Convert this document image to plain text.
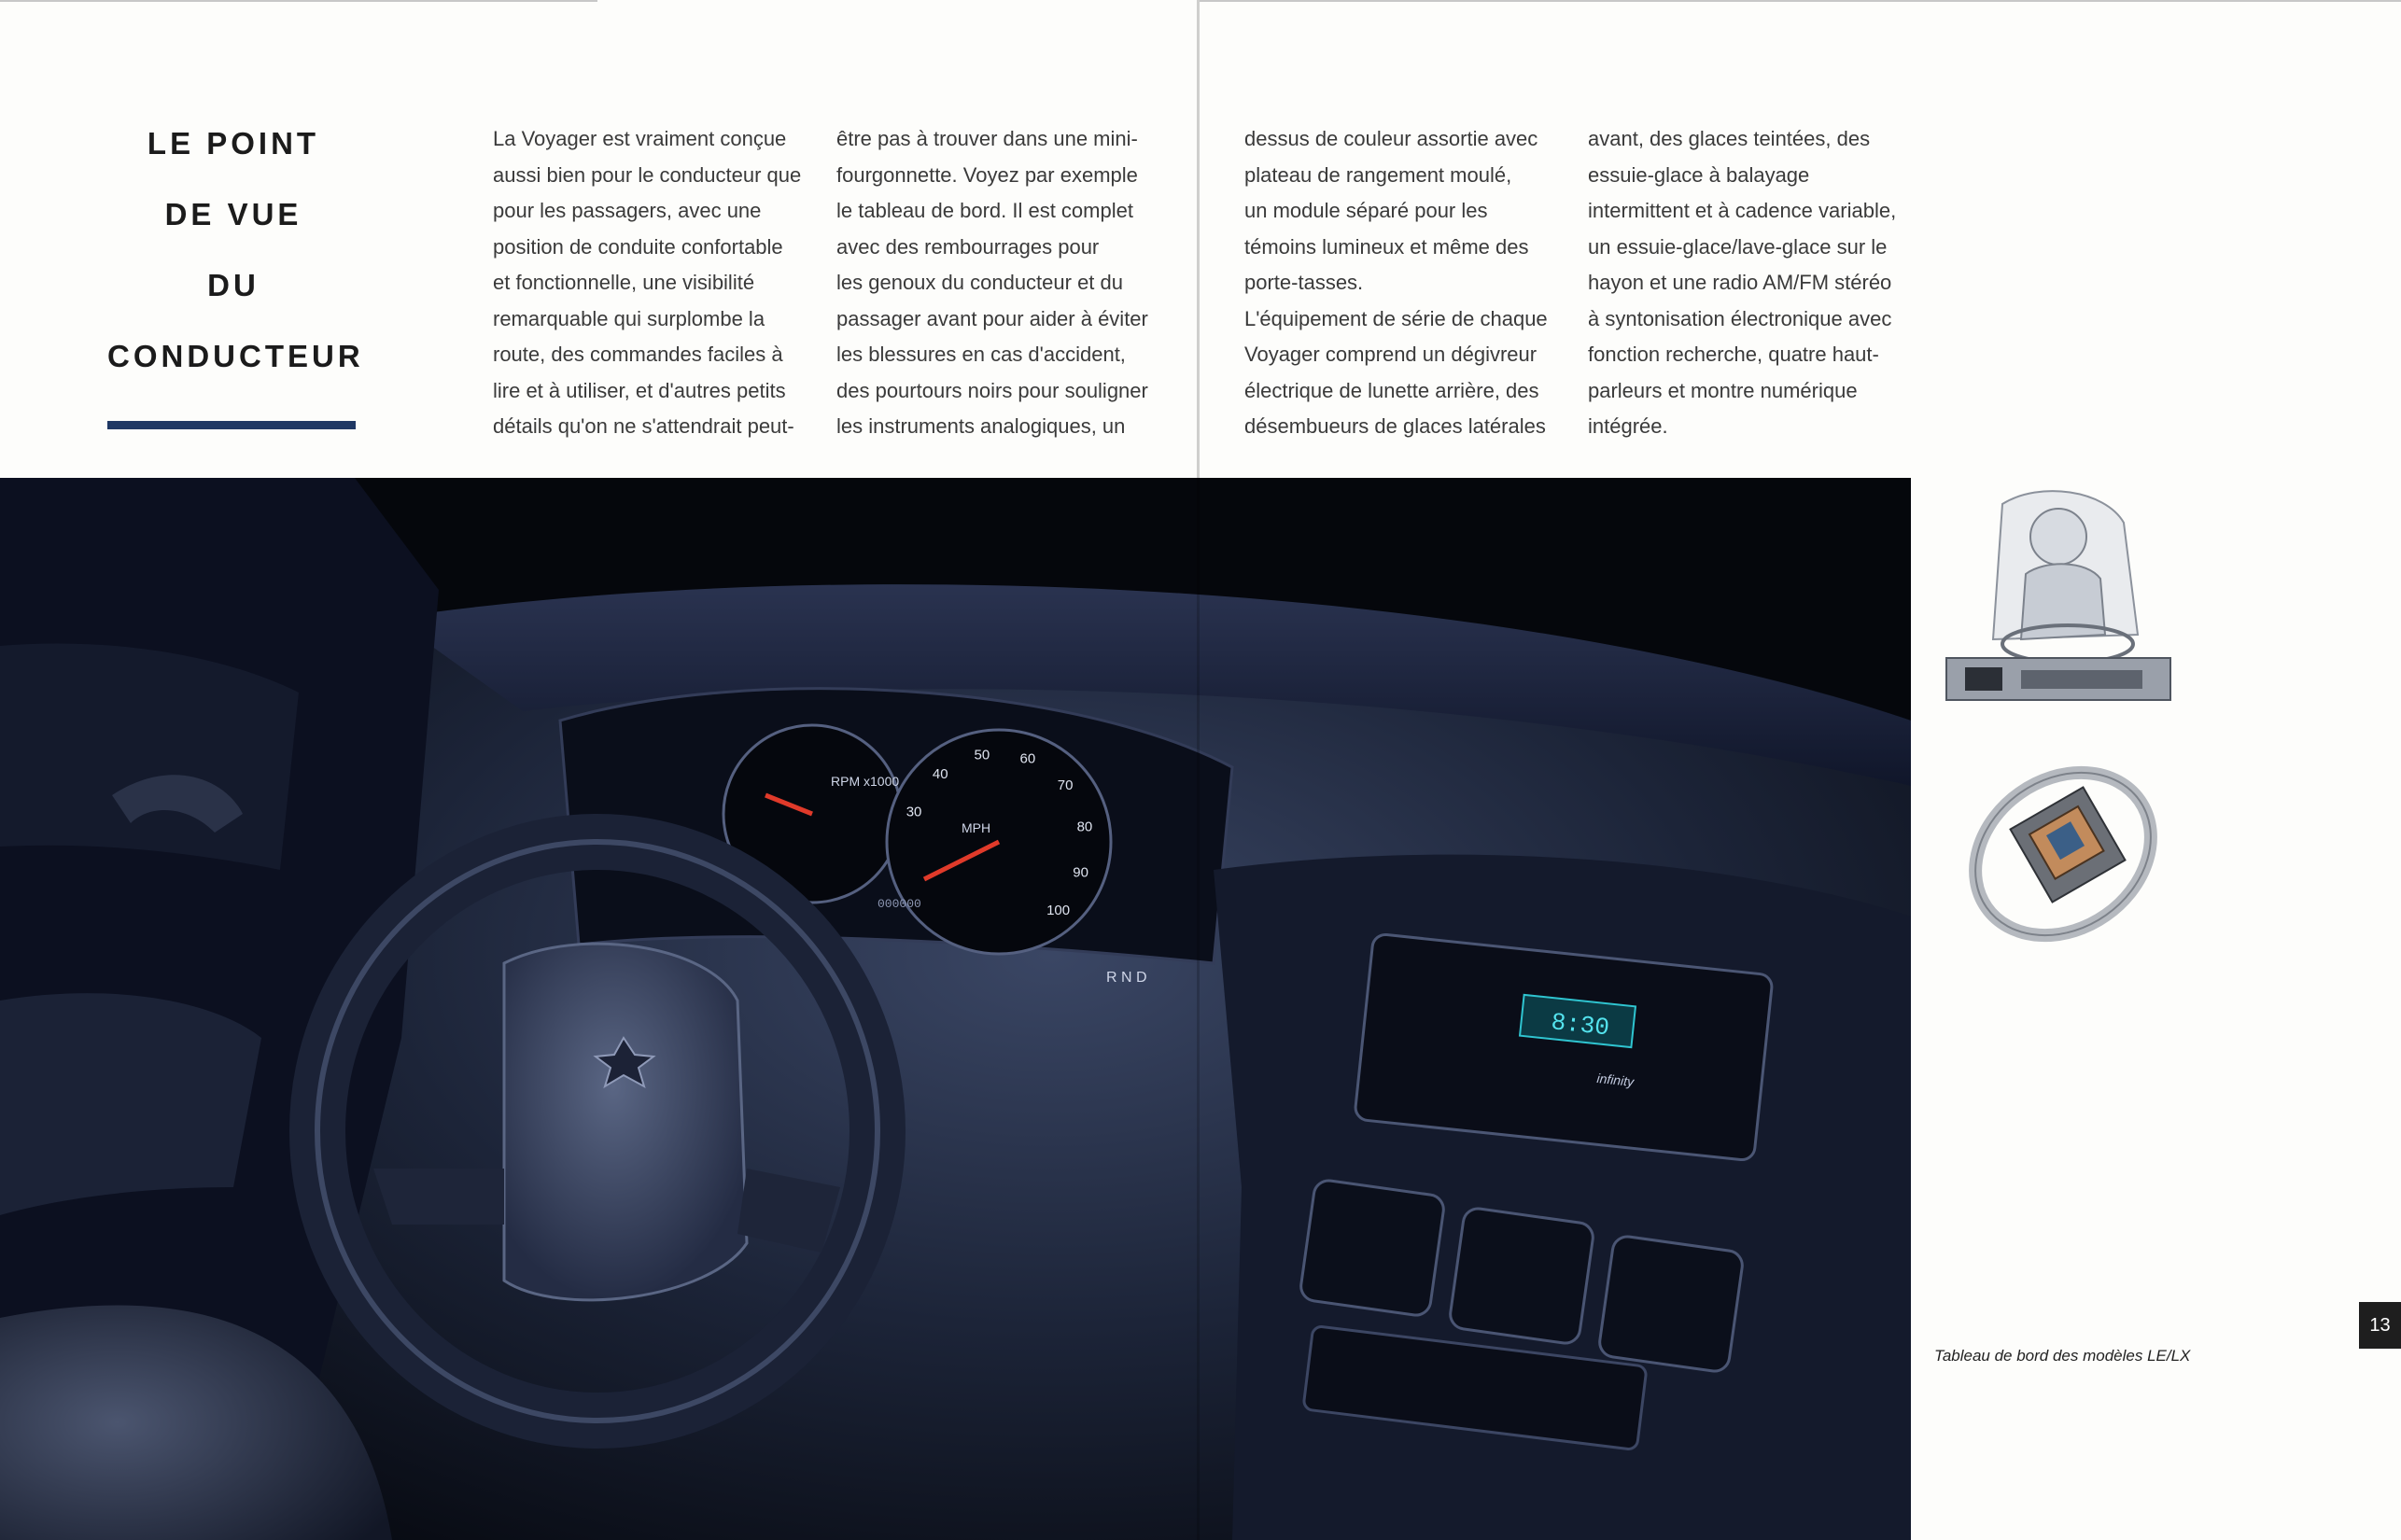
LE POINT
DE VUE
DU
CONDUCTEUR

La Voyager est vraiment conçue

aussi bien pour le conducteur que

pour les passagers, avec une

position de conduite confortable

et fonctionnelle, une visibilité

remarquable qui surplombe la

route, des commandes faciles à

lire et à utiliser, et d'autres petits

détails qu'on ne s'attendrait peut-

être pas à trouver dans une mini-

fourgonnette. Voyez par exemple

le tableau de bord. Il est complet

avec des rembourrages pour

les genoux du conducteur et du

passager avant pour aider à éviter

les blessures en cas d'accident,

des pourtours noirs pour souligner

les instruments analogiques, un

dessus de couleur assortie avec

plateau de rangement moulé,

un module séparé pour les

témoins lumineux et même des

porte-tasses.

L'équipement de série de chaque

Voyager comprend un dégivreur

électrique de lunette arrière, des

désembueurs de glaces latérales

avant, des glaces teintées, des

essuie-glace à balayage

intermittent et à cadence variable,

un essuie-glace/lave-glace sur le

hayon et une radio AM/FM stéréo

à syntonisation électronique avec

fonction recherche, quatre haut-

parleurs et montre numérique

intégrée.

RPM x1000
MPH
000000
R N D
30
40
50 60
70
80
90
100
8:30
infinity
Tableau de bord des modèles LE/LX
13
